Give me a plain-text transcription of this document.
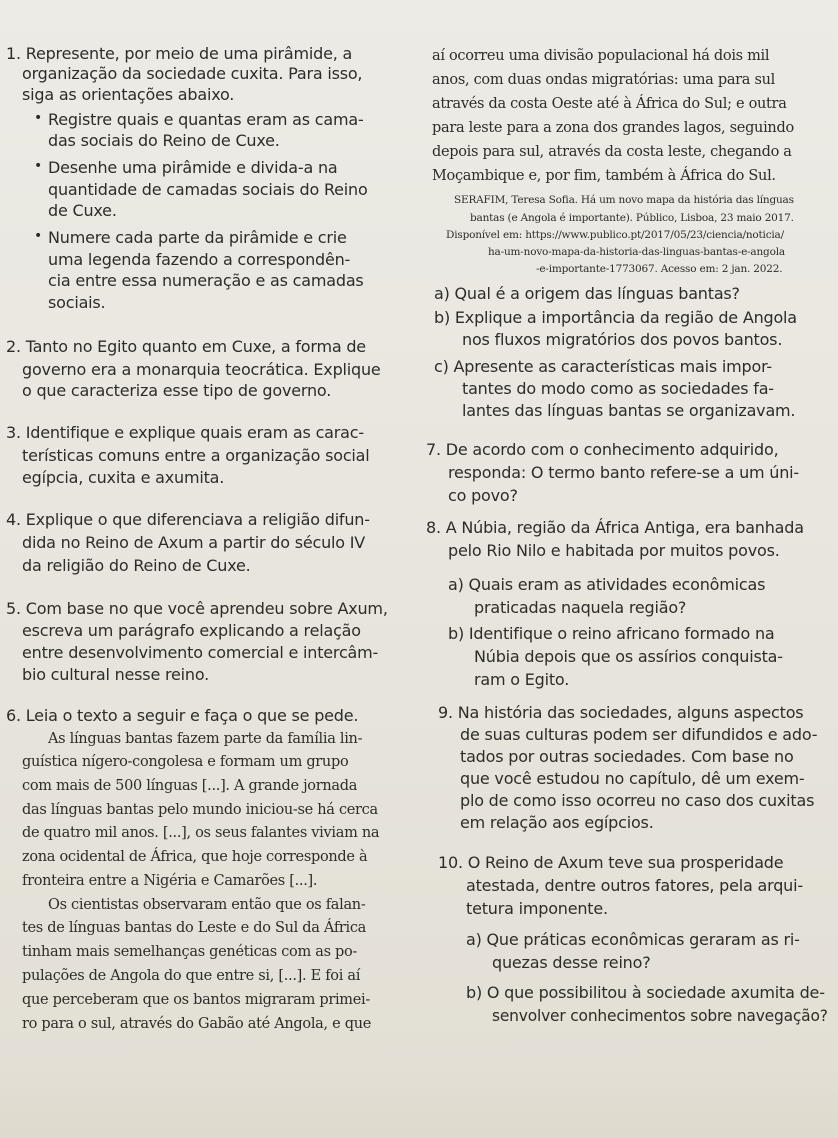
1. Represente, por meio de uma pirâmide, a
organização da sociedade cuxita. Para isso,
siga as orientações abaixo.
Registre quais e quantas eram as cama-
das sociais do Reino de Cuxe.
Desenhe uma pirâmide e divida-a na
quantidade de camadas sociais do Reino
de Cuxe.
Numere cada parte da pirâmide e crie
uma legenda fazendo a correspondên-
cia entre essa numeração e as camadas
sociais.
2. Tanto no Egito quanto em Cuxe, a forma de
governo era a monarquia teocrática. Explique
o que caracteriza esse tipo de governo.
3. Identifique e explique quais eram as carac-
terísticas comuns entre a organização social
egípcia, cuxita e axumita.
4. Explique o que diferenciava a religião difun-
dida no Reino de Axum a partir do século IV
da religião do Reino de Cuxe.
5. Com base no que você aprendeu sobre Axum,
escreva um parágrafo explicando a relação
entre desenvolvimento comercial e intercâm-
bio cultural nesse reino.
6. Leia o texto a seguir e faça o que se pede.
As línguas bantas fazem parte da família lin-
guística nígero-congolesa e formam um grupo
com mais de 500 línguas [...]. A grande jornada
das línguas bantas pelo mundo iniciou-se há cerca
de quatro mil anos. [...], os seus falantes viviam na
zona ocidental de África, que hoje corresponde à
fronteira entre a Nigéria e Camarões [...].
Os cientistas observaram então que os falan-
tes de línguas bantas do Leste e do Sul da África
tinham mais semelhanças genéticas com as po-
pulações de Angola do que entre si, [...]. E foi aí
que perceberam que os bantos migraram primei-
ro para o sul, através do Gabão até Angola, e que
•
•
•
aí ocorreu uma divisão populacional há dois mil
anos, com duas ondas migratórias: uma para sul
através da costa Oeste até à África do Sul; e outra
para leste para a zona dos grandes lagos, seguindo
depois para sul, através da costa leste, chegando a
Moçambique e, por fim, também à África do Sul.
SERAFIM, Teresa Sofia. Há um novo mapa da história das línguas
bantas (e Angola é importante). Público, Lisboa, 23 maio 2017.
Disponível em: https://www.publico.pt/2017/05/23/ciencia/noticia/
ha-um-novo-mapa-da-historia-das-linguas-bantas-e-angola
-e-importante-1773067. Acesso em: 2 jan. 2022.
a) Qual é a origem das línguas bantas?
b) Explique a importância da região de Angola
nos fluxos migratórios dos povos bantos.
c) Apresente as características mais impor-
tantes do modo como as sociedades fa-
lantes das línguas bantas se organizavam.
7. De acordo com o conhecimento adquirido,
responda: O termo banto refere-se a um úni-
co povo?
8. A Núbia, região da África Antiga, era banhada
pelo Rio Nilo e habitada por muitos povos.
a) Quais eram as atividades econômicas
praticadas naquela região?
b) Identifique o reino africano formado na
Núbia depois que os assírios conquista-
ram o Egito.
9. Na história das sociedades, alguns aspectos
de suas culturas podem ser difundidos e ado-
tados por outras sociedades. Com base no
que você estudou no capítulo, dê um exem-
plo de como isso ocorreu no caso dos cuxitas
em relação aos egípcios.
10. O Reino de Axum teve sua prosperidade
atestada, dentre outros fatores, pela arqui-
tetura imponente.
a) Que práticas econômicas geraram as ri-
quezas desse reino?
b) O que possibilitou à sociedade axumita de-
senvolver conhecimentos sobre navegação?
